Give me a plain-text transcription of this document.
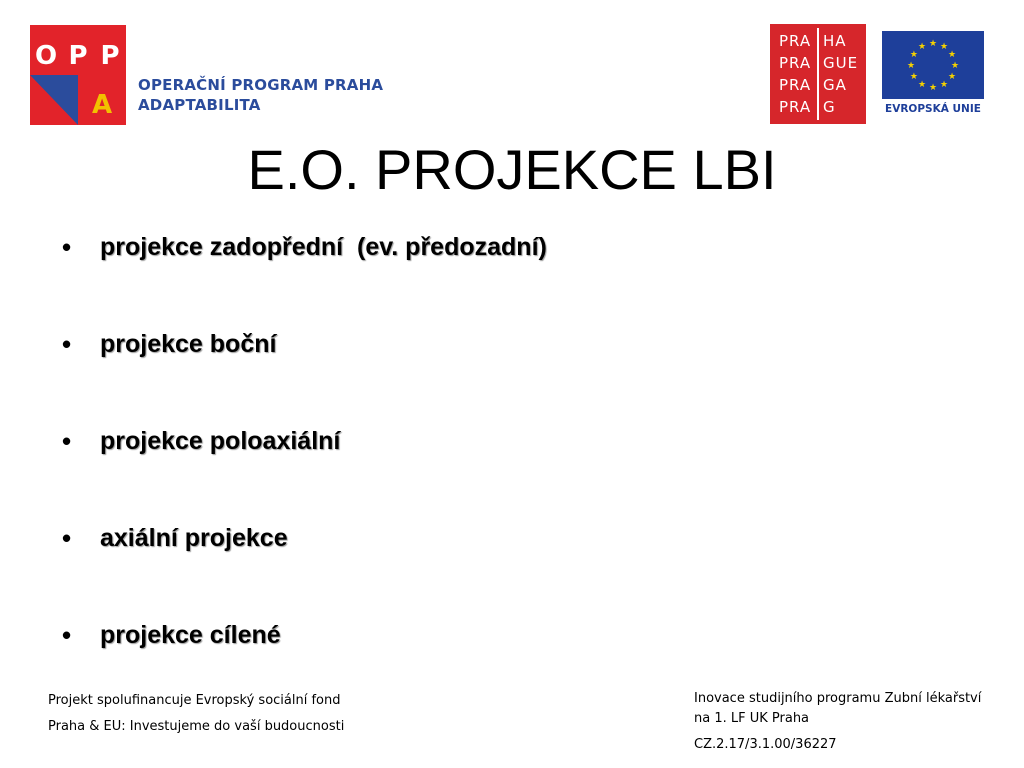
O P P
A
OPERAČNÍ PROGRAM PRAHA
ADAPTABILITA
PRA HA
PRA GUE
PRA GA
PRA G
★ ★
★
★
★
★
★
★
★
★
★
★
EVROPSKÁ UNIE
E.O. PROJEKCE LBI
•	projekce zadopřední  (ev. předozadní)
•	projekce boční
•	projekce poloaxiální
•	axiální projekce
•	projekce cílené
Projekt spolufinancuje Evropský sociální fond
Praha & EU: Investujeme do vaší budoucnosti
Inovace studijního programu Zubní lékařství
na 1. LF UK Praha
CZ.2.17/3.1.00/36227
